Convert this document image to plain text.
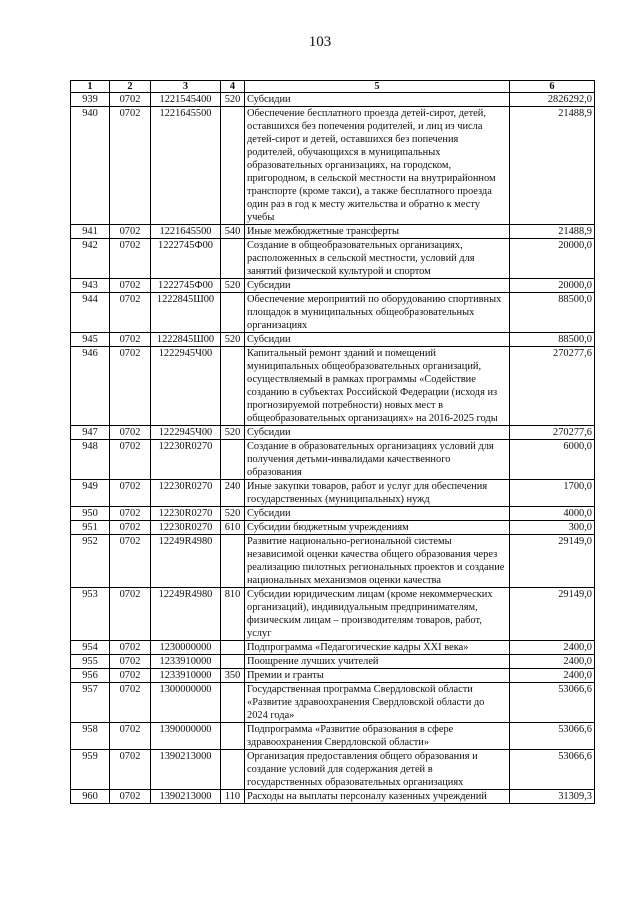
103
1	2	3	4	5	6
939	0702	1221545400	520	Субсидии	2826292,0
940	0702	1221645500		Обеспечение бесплатного проезда детей-сирот, детей, оставшихся без попечения родителей, и лиц из числа детей-сирот и детей, оставшихся без попечения родителей, обучающихся в муниципальных образовательных организациях, на городском, пригородном, в сельской местности на внутрирайонном транспорте (кроме такси), а также бесплатного проезда один раз в год к месту жительства и обратно к месту учебы	21488,9
941	0702	1221645500	540	Иные межбюджетные трансферты	21488,9
942	0702	1222745Ф00		Создание в общеобразовательных организациях, расположенных в сельской местности, условий для занятий физической культурой и спортом	20000,0
943	0702	1222745Ф00	520	Субсидии	20000,0
944	0702	1222845Ш00		Обеспечение мероприятий по оборудованию спортивных площадок в муниципальных общеобразовательных организациях	88500,0
945	0702	1222845Ш00	520	Субсидии	88500,0
946	0702	1222945Ч00		Капитальный ремонт зданий и помещений муниципальных общеобразовательных организаций, осуществляемый в рамках программы «Содействие созданию в субъектах Российской Федерации (исходя из прогнозируемой потребности) новых мест в общеобразовательных организациях» на 2016-2025 годы	270277,6
947	0702	1222945Ч00	520	Субсидии	270277,6
948	0702	12230R0270		Создание в образовательных организациях условий для получения детьми-инвалидами качественного образования	6000,0
949	0702	12230R0270	240	Иные закупки товаров, работ и услуг для обеспечения государственных (муниципальных) нужд	1700,0
950	0702	12230R0270	520	Субсидии	4000,0
951	0702	12230R0270	610	Субсидии бюджетным учреждениям	300,0
952	0702	12249R4980		Развитие национально-региональной системы независимой оценки качества общего образования через реализацию пилотных региональных проектов и создание национальных механизмов оценки качества	29149,0
953	0702	12249R4980	810	Субсидии юридическим лицам (кроме некоммерческих организаций), индивидуальным предпринимателям, физическим лицам – производителям товаров, работ, услуг	29149,0
954	0702	1230000000		Подпрограмма «Педагогические кадры XXI века»	2400,0
955	0702	1233910000		Поощрение лучших учителей	2400,0
956	0702	1233910000	350	Премии и гранты	2400,0
957	0702	1300000000		Государственная программа Свердловской области «Развитие здравоохранения Свердловской области до 2024 года»	53066,6
958	0702	1390000000		Подпрограмма «Развитие образования в сфере здравоохранения Свердловской области»	53066,6
959	0702	1390213000		Организация предоставления общего образования и создание условий для содержания детей в государственных образовательных организациях	53066,6
960	0702	1390213000	110	Расходы на выплаты персоналу казенных учреждений	31309,3
